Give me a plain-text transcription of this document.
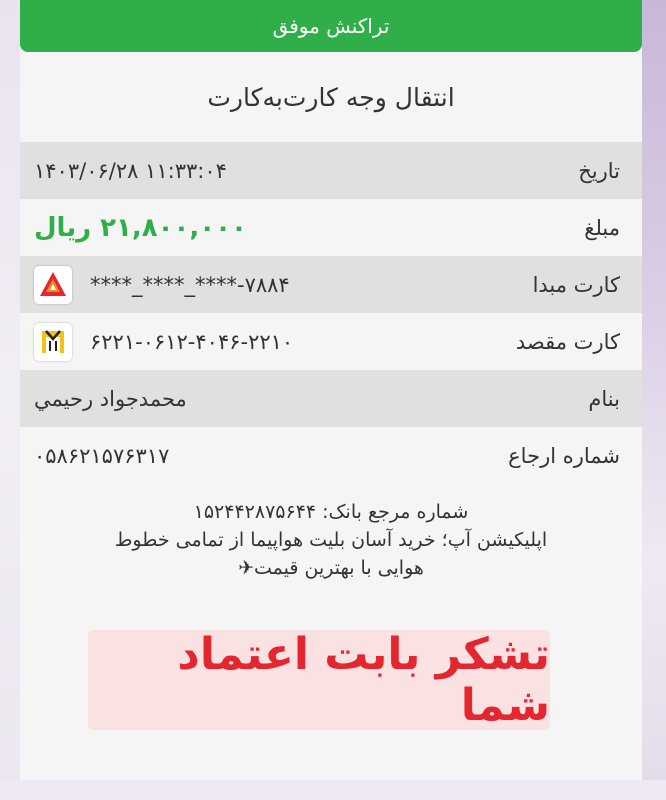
تراکنش موفق
انتقال وجه کارت‌به‌کارت
تاریخ
۱۴۰۳/۰۶/۲۸ ۱۱:۳۳:۰۴
مبلغ
۲۱,۸۰۰,۰۰۰ ریال
کارت مبدا
****_****_****-۷۸۸۴
کارت مقصد
۶۲۲۱-۰۶۱۲-۴۰۴۶-۲۲۱۰
بنام
محمدجواد رحیمي
شماره ارجاع
۰۵۸۶۲۱۵۷۶۳۱۷
شماره مرجع بانک: ۱۵۲۴۴۲۸۷۵۶۴۴
اپلیکیشن آپ؛ خرید آسان بلیت هواپیما از تمامی خطوط
هوایی با بهترین قیمت✈
تشکر بابت اعتماد شما
